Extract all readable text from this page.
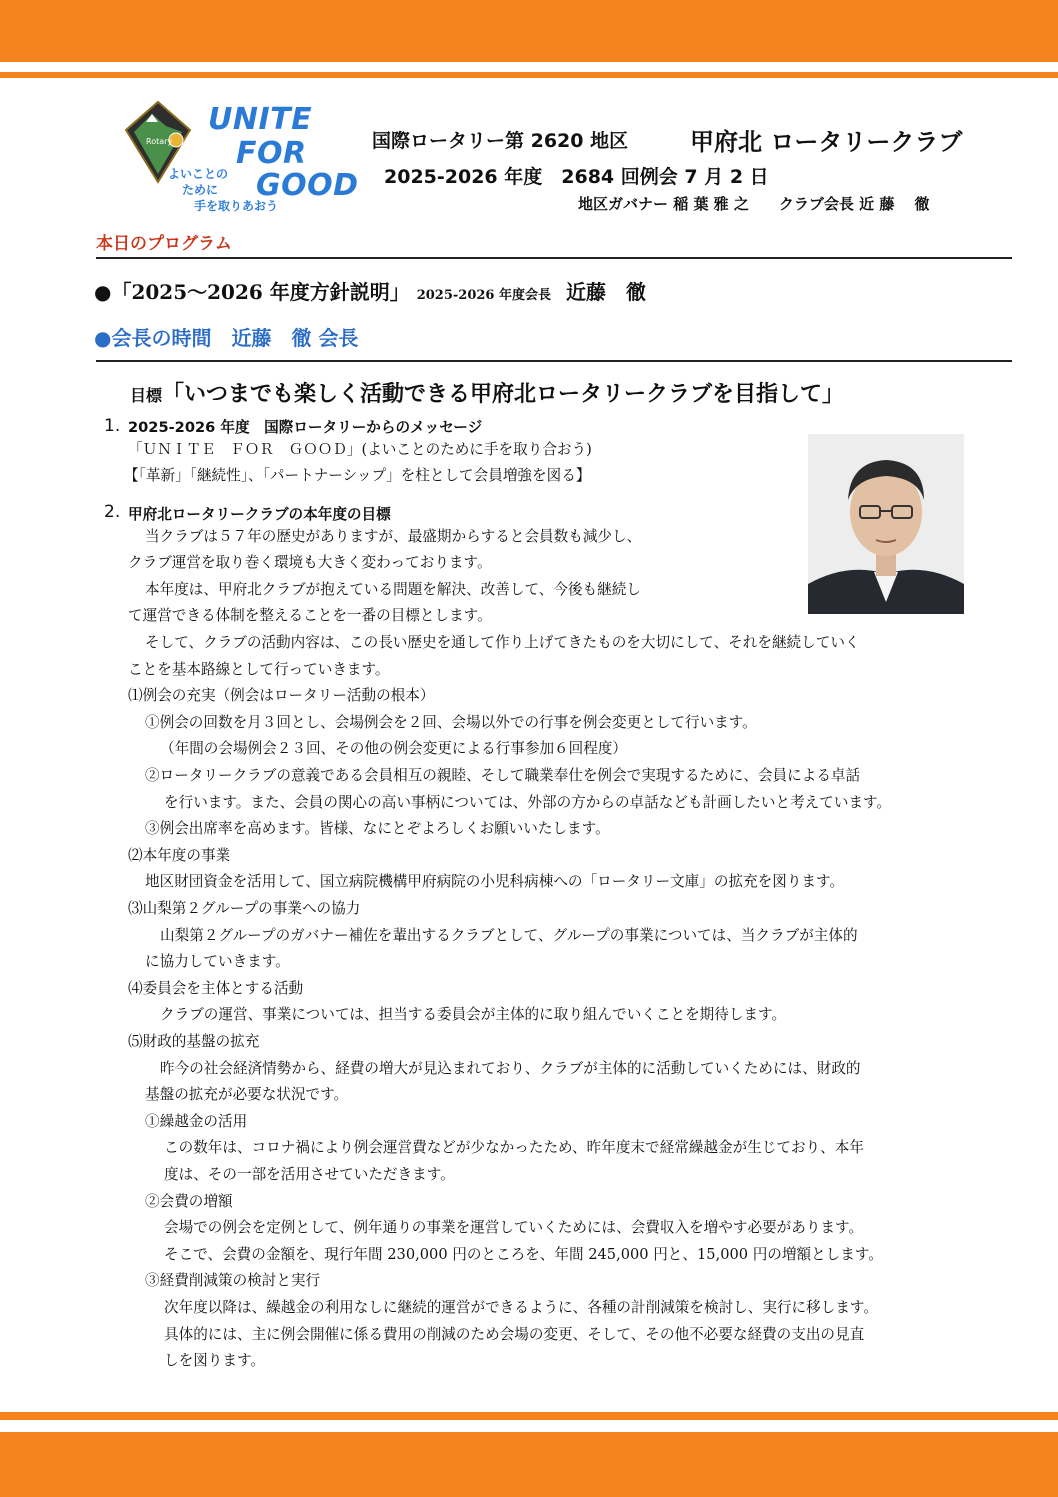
Rotary
UNITE
FOR
GOOD
よいことの
ために
手を取りあおう
国際ロータリー第 2620 地区	甲府北 ロータリークラブ
2025-2026 年度　2684 回例会 7 月 2 日
地区ガバナー 稲 葉 雅 之　　クラブ会長 近 藤　 徹
本日のプログラム
●「2025～2026 年度方針説明」 2025-2026 年度会長 近藤　徹
●会長の時間　近藤　徹 会長
目標「いつまでも楽しく活動できる甲府北ロータリークラブを目指して」
1. 2025-2026 年度　国際ロータリーからのメッセージ
「ＵＮＩＴＥ　ＦＯＲ　ＧＯＯＤ」(よいことのために手を取り合おう)
【「革新」「継続性」、「パートナーシップ」を柱として会員増強を図る】
2. 甲府北ロータリークラブの本年度の目標
当クラブは５７年の歴史がありますが、最盛期からすると会員数も減少し、
クラブ運営を取り巻く環境も大きく変わっております。
本年度は、甲府北クラブが抱えている問題を解決、改善して、今後も継続し
て運営できる体制を整えることを一番の目標とします。
そして、クラブの活動内容は、この長い歴史を通して作り上げてきたものを大切にして、それを継続していく
ことを基本路線として行っていきます。
⑴例会の充実（例会はロータリー活動の根本）
①例会の回数を月３回とし、会場例会を２回、会場以外での行事を例会変更として行います。
（年間の会場例会２３回、その他の例会変更による行事参加６回程度）
②ロータリークラブの意義である会員相互の親睦、そして職業奉仕を例会で実現するために、会員による卓話
を行います。また、会員の関心の高い事柄については、外部の方からの卓話なども計画したいと考えています。
③例会出席率を高めます。皆様、なにとぞよろしくお願いいたします。
⑵本年度の事業
地区財団資金を活用して、国立病院機構甲府病院の小児科病棟への「ロータリー文庫」の拡充を図ります。
⑶山梨第２グループの事業への協力
山梨第２グループのガバナー補佐を輩出するクラブとして、グループの事業については、当クラブが主体的
に協力していきます。
⑷委員会を主体とする活動
クラブの運営、事業については、担当する委員会が主体的に取り組んでいくことを期待します。
⑸財政的基盤の拡充
昨今の社会経済情勢から、経費の増大が見込まれており、クラブが主体的に活動していくためには、財政的
基盤の拡充が必要な状況です。
①繰越金の活用
この数年は、コロナ禍により例会運営費などが少なかったため、昨年度末で経常繰越金が生じており、本年
度は、その一部を活用させていただきます。
②会費の増額
会場での例会を定例として、例年通りの事業を運営していくためには、会費収入を増やす必要があります。
そこで、会費の金額を、現行年間 230,000 円のところを、年間 245,000 円と、15,000 円の増額とします。
③経費削減策の検討と実行
次年度以降は、繰越金の利用なしに継続的運営ができるように、各種の計削減策を検討し、実行に移します。
具体的には、主に例会開催に係る費用の削減のため会場の変更、そして、その他不必要な経費の支出の見直
しを図ります。
